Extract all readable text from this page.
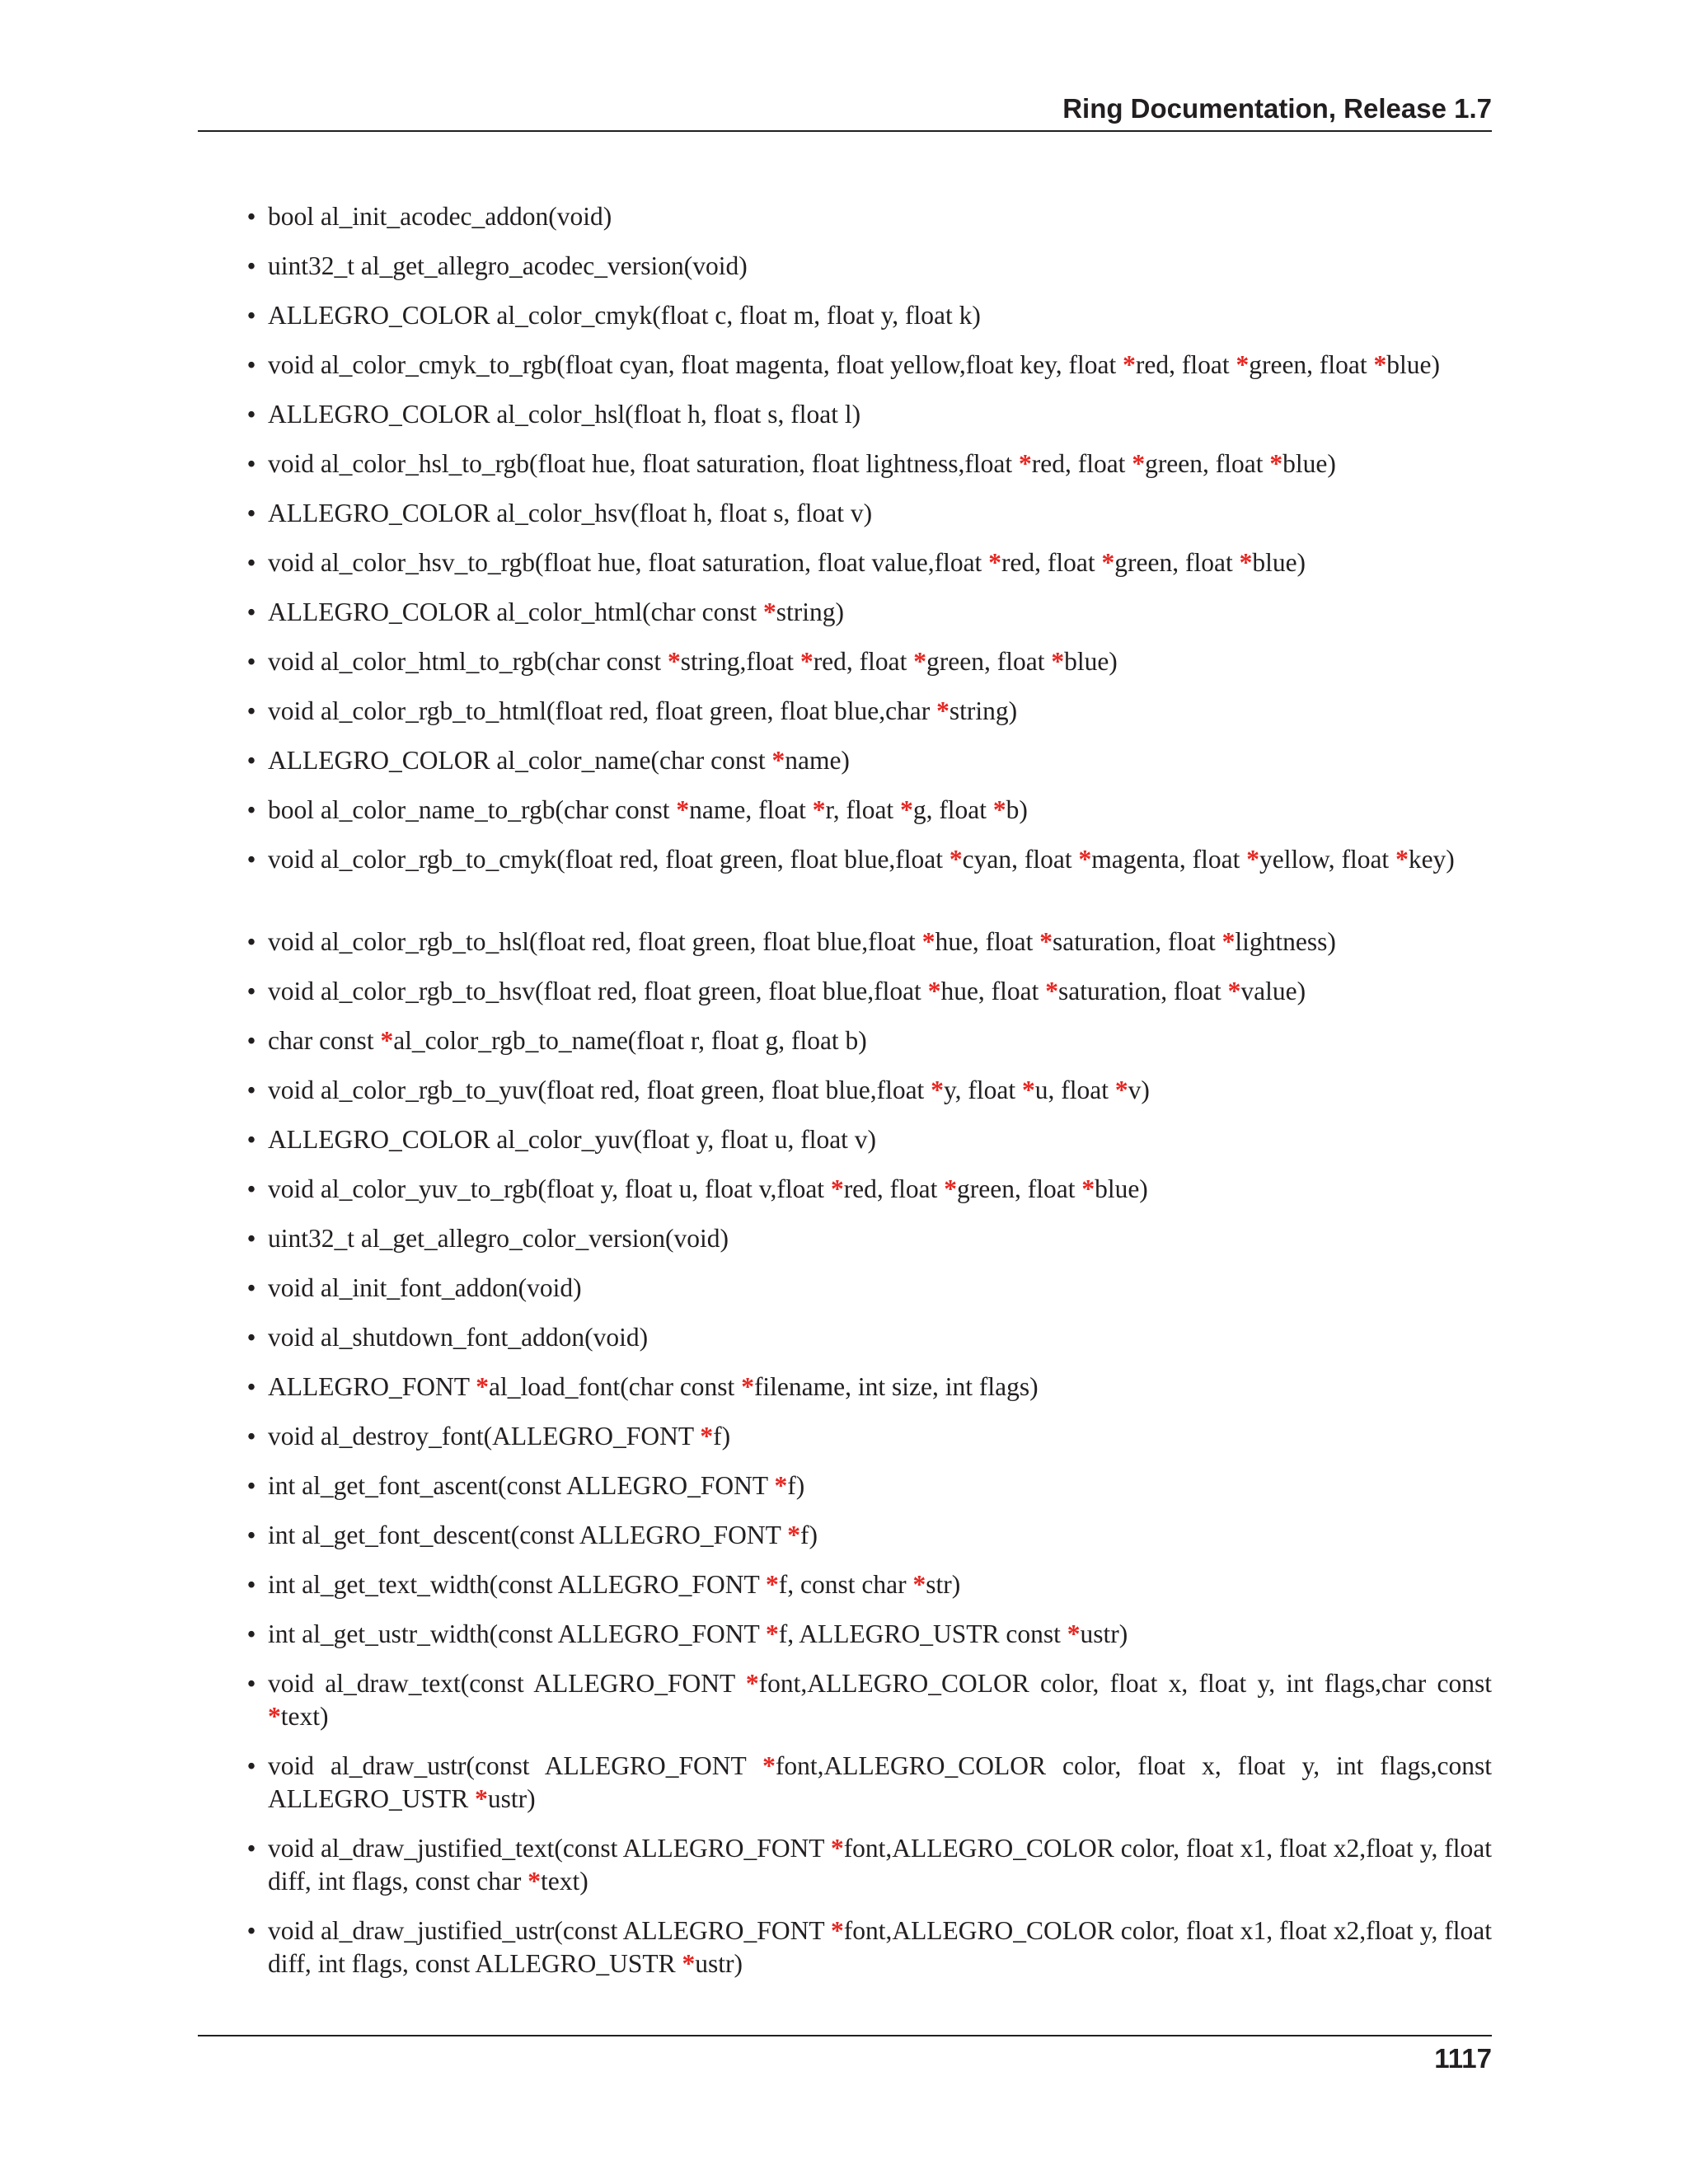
Ring Documentation, Release 1.7
• bool al_init_acodec_addon(void)
• uint32_t al_get_allegro_acodec_version(void)
• ALLEGRO_COLOR al_color_cmyk(float c, float m, float y, float k)
• void al_color_cmyk_to_rgb(float cyan, float magenta, float yellow,float key, float *red, float *green, float *blue)
• ALLEGRO_COLOR al_color_hsl(float h, float s, float l)
• void al_color_hsl_to_rgb(float hue, float saturation, float lightness,float *red, float *green, float *blue)
• ALLEGRO_COLOR al_color_hsv(float h, float s, float v)
• void al_color_hsv_to_rgb(float hue, float saturation, float value,float *red, float *green, float *blue)
• ALLEGRO_COLOR al_color_html(char const *string)
• void al_color_html_to_rgb(char const *string,float *red, float *green, float *blue)
• void al_color_rgb_to_html(float red, float green, float blue,char *string)
• ALLEGRO_COLOR al_color_name(char const *name)
• bool al_color_name_to_rgb(char const *name, float *r, float *g, float *b)
• void al_color_rgb_to_cmyk(float red, float green, float blue,float *cyan, float *magenta, float *yellow, float *key)
• void al_color_rgb_to_hsl(float red, float green, float blue,float *hue, float *saturation, float *lightness)
• void al_color_rgb_to_hsv(float red, float green, float blue,float *hue, float *saturation, float *value)
• char const *al_color_rgb_to_name(float r, float g, float b)
• void al_color_rgb_to_yuv(float red, float green, float blue,float *y, float *u, float *v)
• ALLEGRO_COLOR al_color_yuv(float y, float u, float v)
• void al_color_yuv_to_rgb(float y, float u, float v,float *red, float *green, float *blue)
• uint32_t al_get_allegro_color_version(void)
• void al_init_font_addon(void)
• void al_shutdown_font_addon(void)
• ALLEGRO_FONT *al_load_font(char const *filename, int size, int flags)
• void al_destroy_font(ALLEGRO_FONT *f)
• int al_get_font_ascent(const ALLEGRO_FONT *f)
• int al_get_font_descent(const ALLEGRO_FONT *f)
• int al_get_text_width(const ALLEGRO_FONT *f, const char *str)
• int al_get_ustr_width(const ALLEGRO_FONT *f, ALLEGRO_USTR const *ustr)
• void al_draw_text(const ALLEGRO_FONT *font,ALLEGRO_COLOR color, float x, float y, int flags,char const *text)
• void al_draw_ustr(const ALLEGRO_FONT *font,ALLEGRO_COLOR color, float x, float y, int flags,const ALLEGRO_USTR *ustr)
• void al_draw_justified_text(const ALLEGRO_FONT *font,ALLEGRO_COLOR color, float x1, float x2,float y, float diff, int flags, const char *text)
• void al_draw_justified_ustr(const ALLEGRO_FONT *font,ALLEGRO_COLOR color, float x1, float x2,float y, float diff, int flags, const ALLEGRO_USTR *ustr)
1117
